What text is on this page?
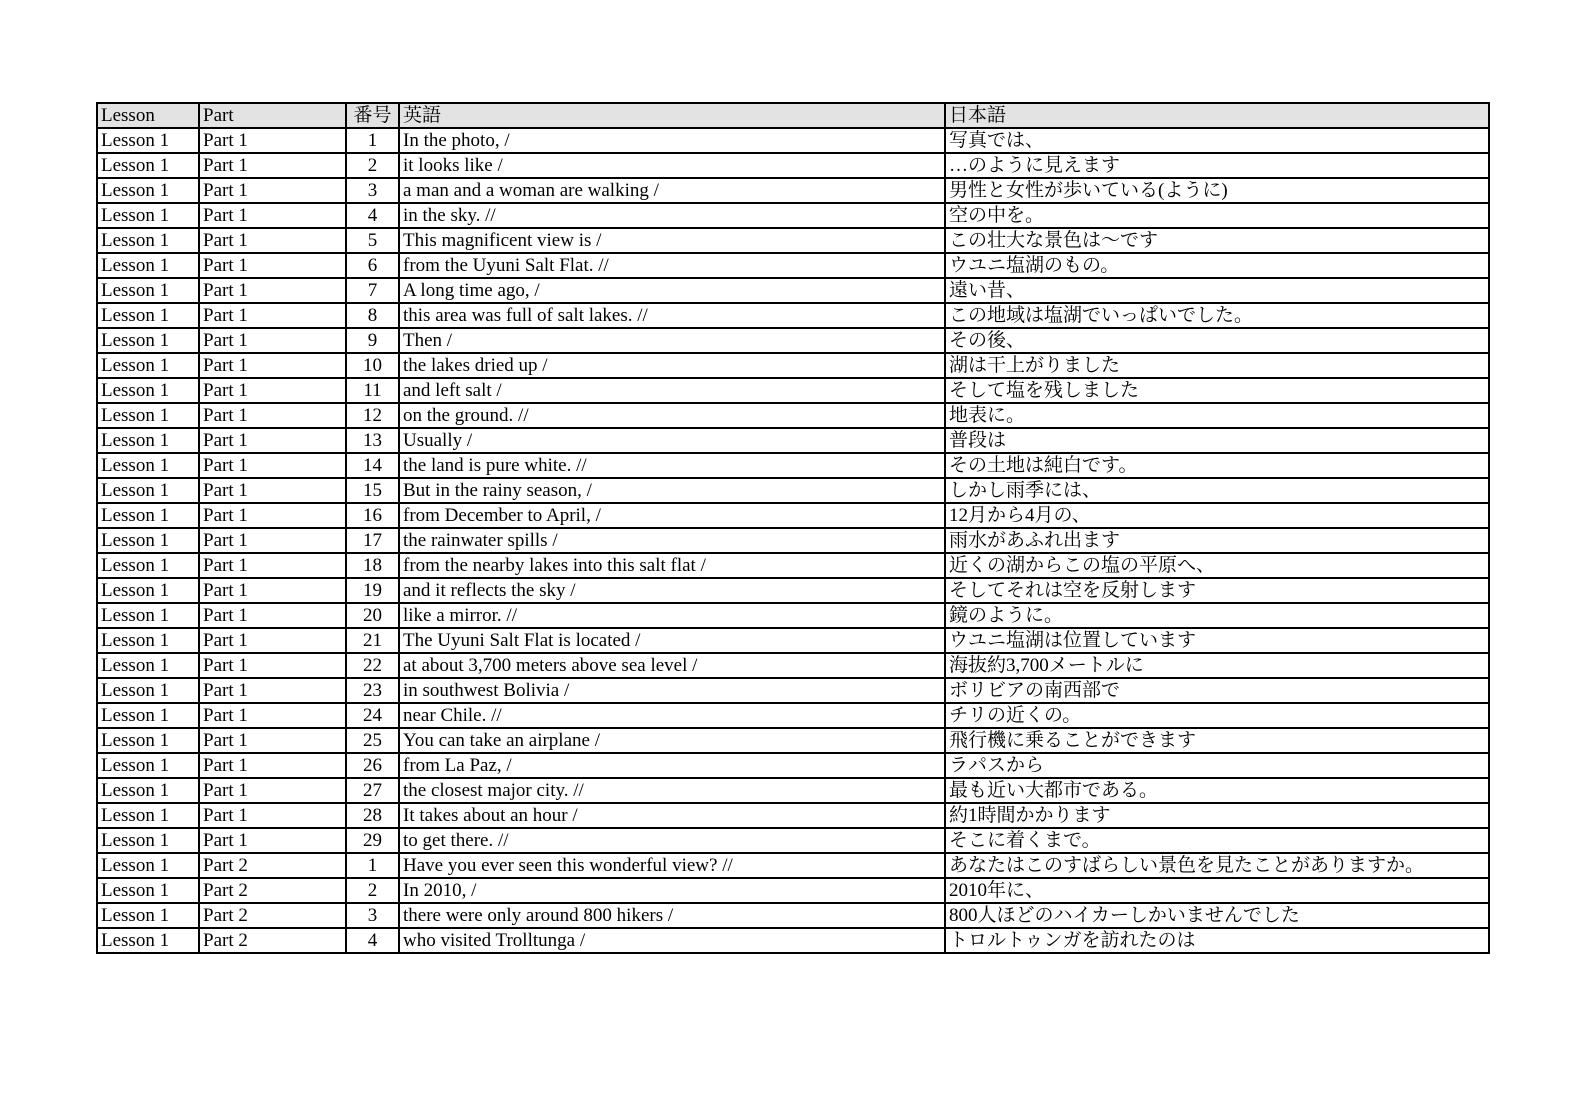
Lesson	Part	番号	英語	日本語
Lesson 1	Part 1	1	In the photo, /	写真では、
Lesson 1	Part 1	2	it looks like /	…のように見えます
Lesson 1	Part 1	3	a man and a woman are walking /	男性と女性が歩いている(ように)
Lesson 1	Part 1	4	in the sky. //	空の中を。
Lesson 1	Part 1	5	This magnificent view is /	この壮大な景色は〜です
Lesson 1	Part 1	6	from the Uyuni Salt Flat. //	ウユニ塩湖のもの。
Lesson 1	Part 1	7	A long time ago, /	遠い昔、
Lesson 1	Part 1	8	this area was full of salt lakes. //	この地域は塩湖でいっぱいでした。
Lesson 1	Part 1	9	Then /	その後、
Lesson 1	Part 1	10	the lakes dried up /	湖は干上がりました
Lesson 1	Part 1	11	and left salt /	そして塩を残しました
Lesson 1	Part 1	12	on the ground. //	地表に。
Lesson 1	Part 1	13	Usually /	普段は
Lesson 1	Part 1	14	the land is pure white. //	その土地は純白です。
Lesson 1	Part 1	15	But in the rainy season, /	しかし雨季には、
Lesson 1	Part 1	16	from December to April, /	12月から4月の、
Lesson 1	Part 1	17	the rainwater spills /	雨水があふれ出ます
Lesson 1	Part 1	18	from the nearby lakes into this salt flat /	近くの湖からこの塩の平原へ、
Lesson 1	Part 1	19	and it reflects the sky /	そしてそれは空を反射します
Lesson 1	Part 1	20	like a mirror. //	鏡のように。
Lesson 1	Part 1	21	The Uyuni Salt Flat is located /	ウユニ塩湖は位置しています
Lesson 1	Part 1	22	at about 3,700 meters above sea level /	海抜約3,700メートルに
Lesson 1	Part 1	23	in southwest Bolivia /	ボリビアの南西部で
Lesson 1	Part 1	24	near Chile. //	チリの近くの。
Lesson 1	Part 1	25	You can take an airplane /	飛行機に乗ることができます
Lesson 1	Part 1	26	from La Paz, /	ラパスから
Lesson 1	Part 1	27	the closest major city. //	最も近い大都市である。
Lesson 1	Part 1	28	It takes about an hour /	約1時間かかります
Lesson 1	Part 1	29	to get there. //	そこに着くまで。
Lesson 1	Part 2	1	Have you ever seen this wonderful view? //	あなたはこのすばらしい景色を見たことがありますか。
Lesson 1	Part 2	2	In 2010, /	2010年に、
Lesson 1	Part 2	3	there were only around 800 hikers /	800人ほどのハイカーしかいませんでした
Lesson 1	Part 2	4	who visited Trolltunga /	トロルトゥンガを訪れたのは
